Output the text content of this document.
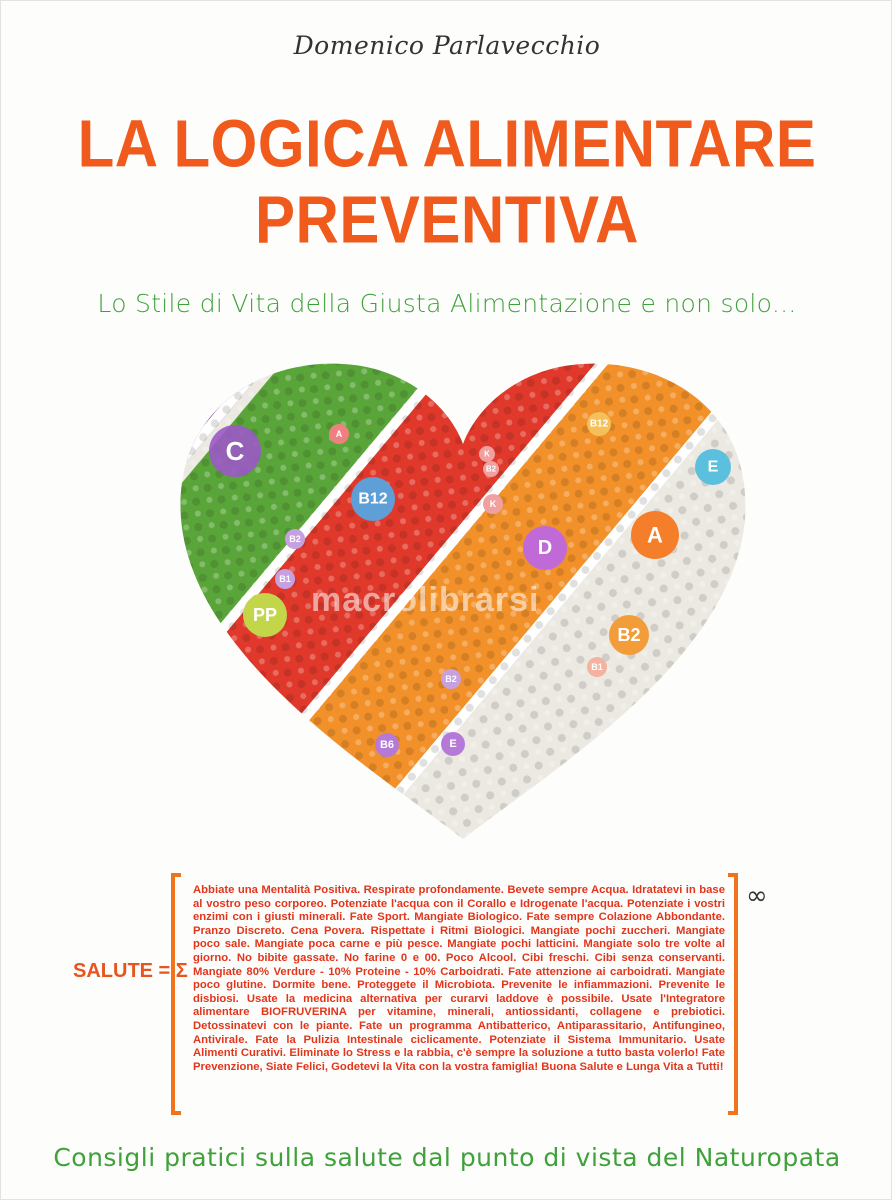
Domenico Parlavecchio
LA LOGICA ALIMENTARE
PREVENTIVA
Lo Stile di Vita della Giusta Alimentazione e non solo...
C
B2
B1
PP
B6	E
B2
A
B12	K
D
B1
B12
E
A
B2
K
B2
macrolibrarsi
SALUTE = Σ
∞
Abbiate una Mentalità Positiva. Respirate profondamente. Bevete sempre Acqua. Idratatevi in base al vostro peso corporeo. Potenziate l'acqua con il Corallo e Idrogenate l'acqua. Potenziate i vostri enzimi con i giusti minerali. Fate Sport. Mangiate Biologico. Fate sempre Colazione Abbondante. Pranzo Discreto. Cena Povera. Rispettate i Ritmi Biologici. Mangiate pochi zuccheri. Mangiate poco sale. Mangiate poca carne e più pesce. Mangiate pochi latticini. Mangiate solo tre volte al giorno. No bibite gassate. No farine 0 e 00. Poco Alcool. Cibi freschi. Cibi senza conservanti. Mangiate 80% Verdure - 10% Proteine - 10% Carboidrati. Fate attenzione ai carboidrati. Mangiate poco glutine. Dormite bene. Proteggete il Microbiota. Prevenite le infiammazioni. Prevenite le disbiosi. Usate la medicina alternativa per curarvi laddove è possibile. Usate l'Integratore alimentare BIOFRUVERINA per vitamine, minerali, antiossidanti, collagene e prebiotici. Detossinatevi con le piante. Fate un programma Antibatterico, Antiparassitario, Antifungineo, Antivirale. Fate la Pulizia Intestinale ciclicamente. Potenziate il Sistema Immunitario. Usate Alimenti Curativi. Eliminate lo Stress e la rabbia, c'è sempre la soluzione a tutto basta volerlo! Fate Prevenzione, Siate Felici, Godetevi la Vita con la vostra famiglia! Buona Salute e Lunga Vita a Tutti!
Consigli pratici sulla salute dal punto di vista del Naturopata
